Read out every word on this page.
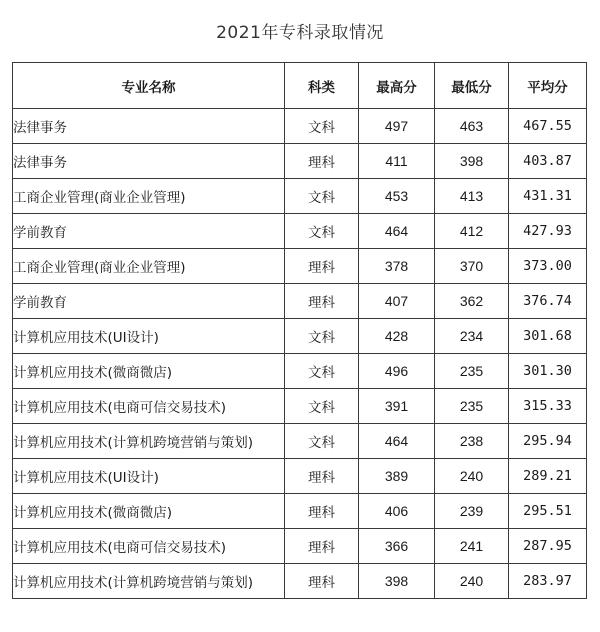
2021年专科录取情况
专业名称	科类	最高分	最低分	平均分
法律事务	文科	497	463	467.55
法律事务	理科	411	398	403.87
工商企业管理(商业企业管理)	文科	453	413	431.31
学前教育	文科	464	412	427.93
工商企业管理(商业企业管理)	理科	378	370	373.00
学前教育	理科	407	362	376.74
计算机应用技术(UI设计)	文科	428	234	301.68
计算机应用技术(微商微店)	文科	496	235	301.30
计算机应用技术(电商可信交易技术)	文科	391	235	315.33
计算机应用技术(计算机跨境营销与策划)	文科	464	238	295.94
计算机应用技术(UI设计)	理科	389	240	289.21
计算机应用技术(微商微店)	理科	406	239	295.51
计算机应用技术(电商可信交易技术)	理科	366	241	287.95
计算机应用技术(计算机跨境营销与策划)	理科	398	240	283.97
